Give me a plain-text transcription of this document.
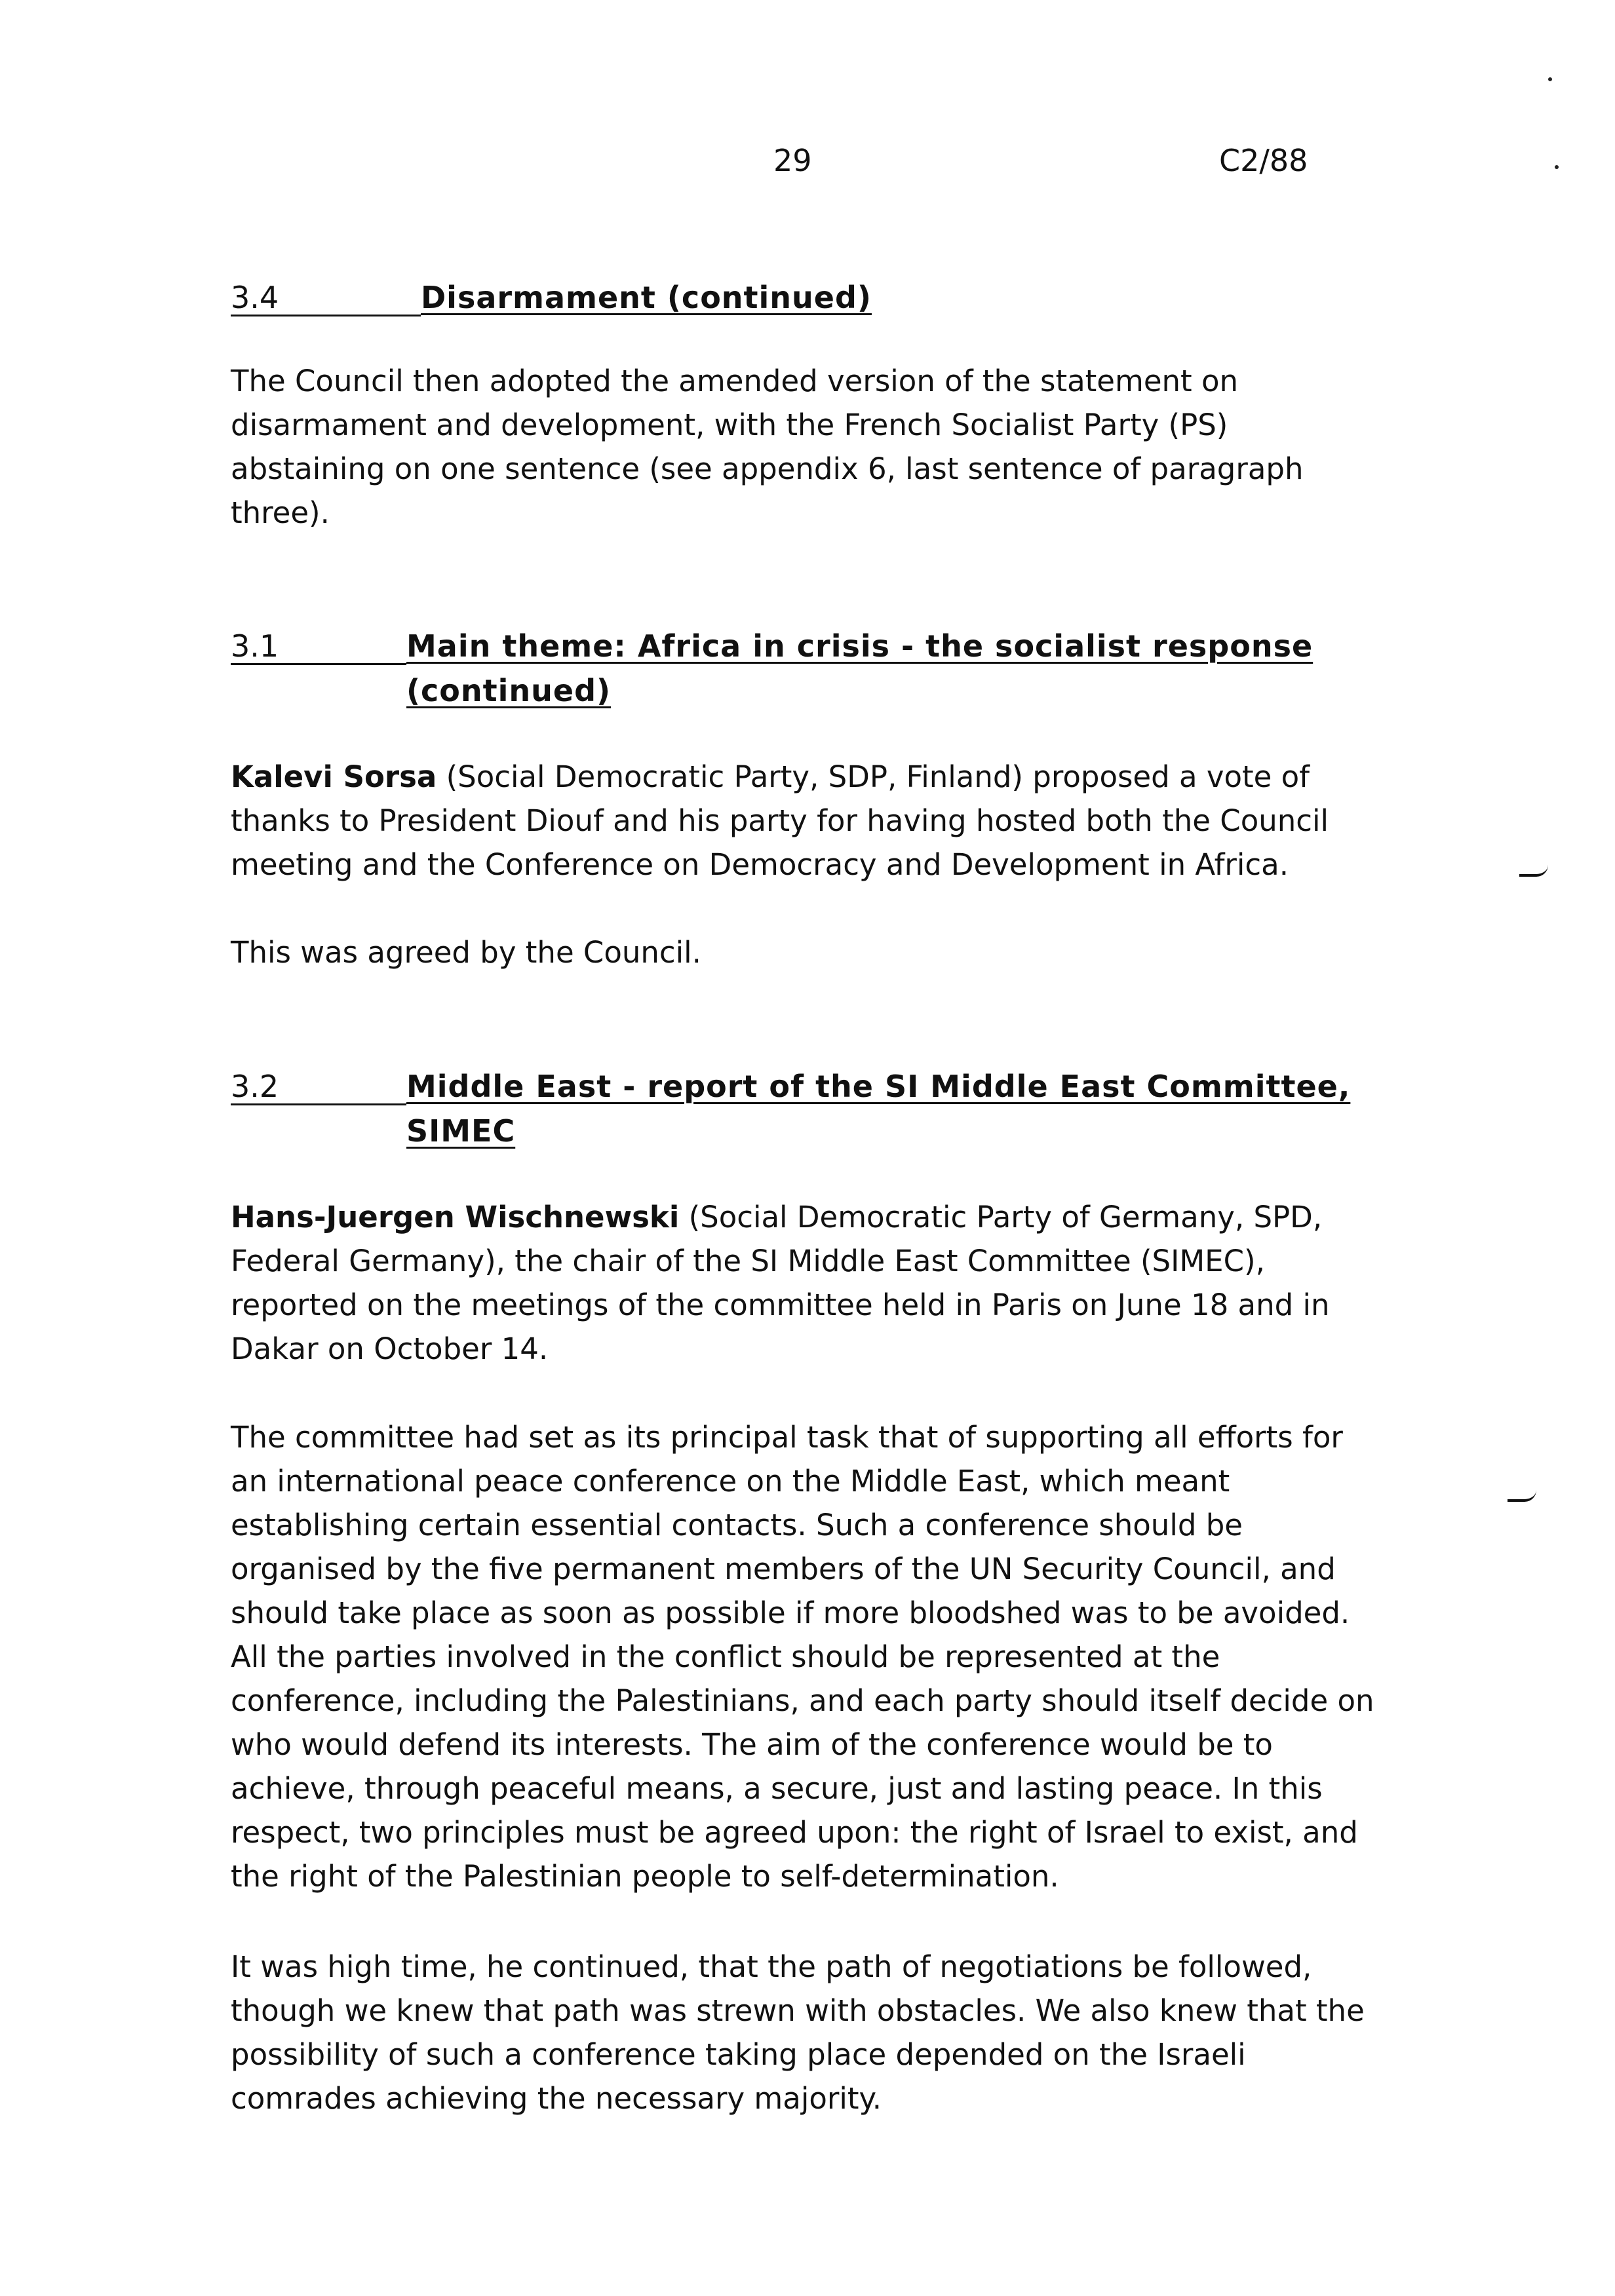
29	C2/88
3.4	Disarmament (continued)

The Council then adopted the amended version of the statement on disarmament and development, with the French Socialist Party (PS) abstaining on one sentence (see appendix 6, last sentence of paragraph three).

3.1	Main theme: Africa in crisis - the socialist response
(continued)

Kalevi Sorsa (Social Democratic Party, SDP, Finland) proposed a vote of thanks to President Diouf and his party for having hosted both the Council meeting and the Conference on Democracy and Development in Africa.

This was agreed by the Council.

3.2	Middle East - report of the SI Middle East Committee,
SIMEC

Hans-Juergen Wischnewski (Social Democratic Party of Germany, SPD, Federal Germany), the chair of the SI Middle East Committee (SIMEC), reported on the meetings of the committee held in Paris on June 18 and in Dakar on October 14.

The committee had set as its principal task that of supporting all efforts for an international peace conference on the Middle East, which meant establishing certain essential contacts. Such a conference should be organised by the five permanent members of the UN Security Council, and should take place as soon as possible if more bloodshed was to be avoided. All the parties involved in the conflict should be represented at the conference, including the Palestinians, and each party should itself decide on who would defend its interests. The aim of the conference would be to achieve, through peaceful means, a secure, just and lasting peace. In this respect, two principles must be agreed upon: the right of Israel to exist, and the right of the Palestinian people to self-determination.

It was high time, he continued, that the path of negotiations be followed, though we knew that path was strewn with obstacles. We also knew that the possibility of such a conference taking place depended on the Israeli comrades achieving the necessary majority.
